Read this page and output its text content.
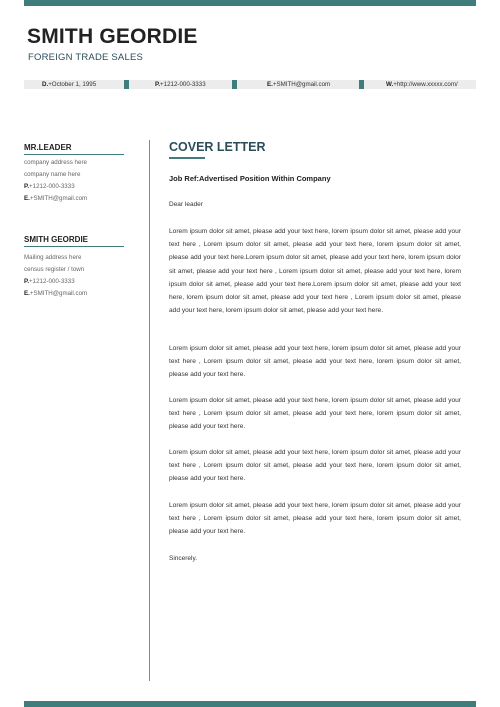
SMITH GEORDIE
FOREIGN TRADE SALES
D.+October 1, 1995	P.+1212-000-3333	E.+SMITH@gmail.com	W.+http://www.xxxxx.com/
MR.LEADER
company address here
company name here
P.+1212-000-3333
E.+SMITH@gmail.com
SMITH GEORDIE
Mailing address here
census register / town
P.+1212-000-3333
E.+SMITH@gmail.com
COVER LETTER
Job Ref:Advertised Position Within Company
Dear leader
Lorem ipsum dolor sit amet, please add your text here, lorem ipsum dolor sit amet, please add your text here , Lorem ipsum dolor sit amet, please add your text here, lorem ipsum dolor sit amet, please add your text here.Lorem ipsum dolor sit amet, please add your text here, lorem ipsum dolor sit amet, please add your text here , Lorem ipsum dolor sit amet, please add your text here, lorem ipsum dolor sit amet, please add your text here.Lorem ipsum dolor sit amet, please add your text here, lorem ipsum dolor sit amet, please add your text here , Lorem ipsum dolor sit amet, please add your text here, lorem ipsum dolor sit amet, please add your text here.
Lorem ipsum dolor sit amet, please add your text here, lorem ipsum dolor sit amet, please add your text here , Lorem ipsum dolor sit amet, please add your text here, lorem ipsum dolor sit amet, please add your text here.
Lorem ipsum dolor sit amet, please add your text here, lorem ipsum dolor sit amet, please add your text here , Lorem ipsum dolor sit amet, please add your text here, lorem ipsum dolor sit amet, please add your text here.
Lorem ipsum dolor sit amet, please add your text here, lorem ipsum dolor sit amet, please add your text here , Lorem ipsum dolor sit amet, please add your text here, lorem ipsum dolor sit amet, please add your text here.
Lorem ipsum dolor sit amet, please add your text here, lorem ipsum dolor sit amet, please add your text here , Lorem ipsum dolor sit amet, please add your text here, lorem ipsum dolor sit amet, please add your text here.
Sincerely.
